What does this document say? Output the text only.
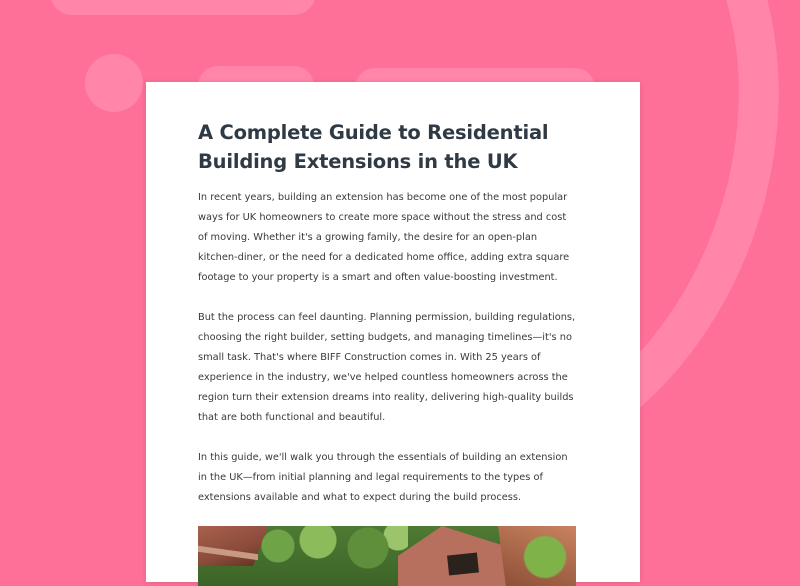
A Complete Guide to Residential Building Extensions in the UK

In recent years, building an extension has become one of the most popular ways for UK homeowners to create more space without the stress and cost of moving. Whether it's a growing family, the desire for an open-plan kitchen-diner, or the need for a dedicated home office, adding extra square footage to your property is a smart and often value-boosting investment.

But the process can feel daunting. Planning permission, building regulations, choosing the right builder, setting budgets, and managing timelines—it's no small task. That's where BIFF Construction comes in. With 25 years of experience in the industry, we've helped countless homeowners across the region turn their extension dreams into reality, delivering high-quality builds that are both functional and beautiful.

In this guide, we'll walk you through the essentials of building an extension in the UK—from initial planning and legal requirements to the types of extensions available and what to expect during the build process.
